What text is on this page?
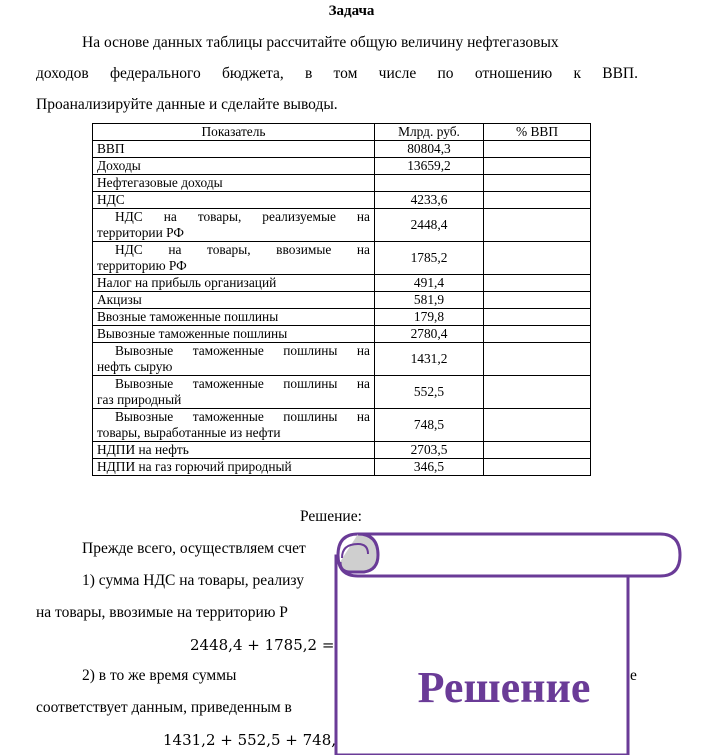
Задача
На основе данных таблицы рассчитайте общую величину нефтегазовых
доходов федерального бюджета, в том числе по отношению к ВВП.
Проанализируйте данные и сделайте выводы.
Показатель	Млрд. руб.	% ВВП
ВВП	80804,3	
Доходы	13659,2	
Нефтегазовые доходы		
НДС	4233,6	

НДС на товары, реализуемые на
территории РФ	2448,4	

НДС на товары, ввозимые на
территорию РФ	1785,2	
Налог на прибыль организаций	491,4	
Акцизы	581,9	
Ввозные таможенные пошлины	179,8	
Вывозные таможенные пошлины	2780,4	

Вывозные таможенные пошлины на
нефть сырую	1431,2	

Вывозные таможенные пошлины на
газ природный	552,5	

Вывозные таможенные пошлины на
товары, выработанные из нефти	748,5	
НДПИ на нефть	2703,5	
НДПИ на газ горючий природный	346,5	
Решение:
Прежде всего, осуществляем счет
1) сумма НДС на товары, реализу
на товары, ввозимые на территорию Р
2448,4 + 1785,2 =
2) в то же время суммы	е
соответствует данным, приведенным в
1431,2 + 552,5 + 748,
Решение
